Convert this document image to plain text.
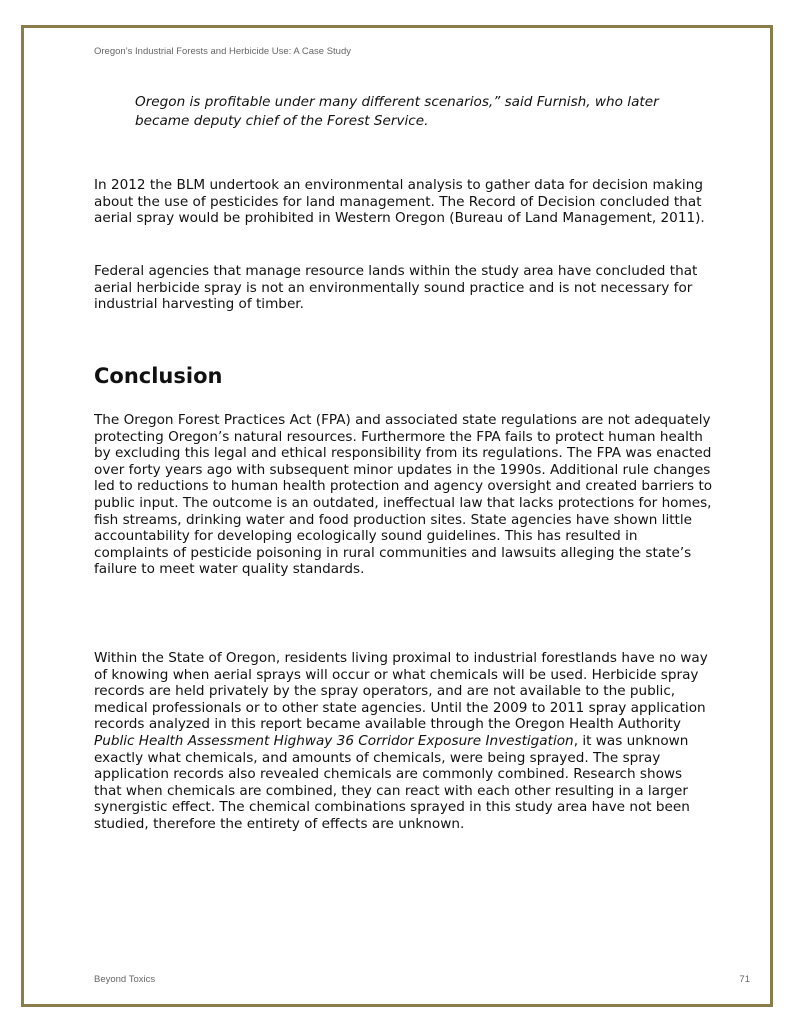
Oregon’s Industrial Forests and Herbicide Use: A Case Study
Oregon is profitable under many different scenarios,” said Furnish, who later became deputy chief of the Forest Service.

In 2012 the BLM undertook an environmental analysis to gather data for decision making about the use of pesticides for land management. The Record of Decision concluded that aerial spray would be prohibited in Western Oregon (Bureau of Land Management, 2011).

Federal agencies that manage resource lands within the study area have concluded that aerial herbicide spray is not an environmentally sound practice and is not necessary for industrial harvesting of timber.

Conclusion

The Oregon Forest Practices Act (FPA) and associated state regulations are not adequately protecting Oregon’s natural resources. Furthermore the FPA fails to protect human health by excluding this legal and ethical responsibility from its regulations. The FPA was enacted over forty years ago with subsequent minor updates in the 1990s. Additional rule changes led to reductions to human health protection and agency oversight and created barriers to public input. The outcome is an outdated, ineffectual law that lacks protections for homes, fish streams, drinking water and food production sites. State agencies have shown little accountability for developing ecologically sound guidelines. This has resulted in complaints of pesticide poisoning in rural communities and lawsuits alleging the state’s failure to meet water quality standards.

Within the State of Oregon, residents living proximal to industrial forestlands have no way of knowing when aerial sprays will occur or what chemicals will be used. Herbicide spray records are held privately by the spray operators, and are not available to the public, medical professionals or to other state agencies. Until the 2009 to 2011 spray application records analyzed in this report became available through the Oregon Health Authority Public Health Assessment Highway 36 Corridor Exposure Investigation, it was unknown exactly what chemicals, and amounts of chemicals, were being sprayed. The spray application records also revealed chemicals are commonly combined. Research shows that when chemicals are combined, they can react with each other resulting in a larger synergistic effect. The chemical combinations sprayed in this study area have not been studied, therefore the entirety of effects are unknown.

Beyond Toxics	71
